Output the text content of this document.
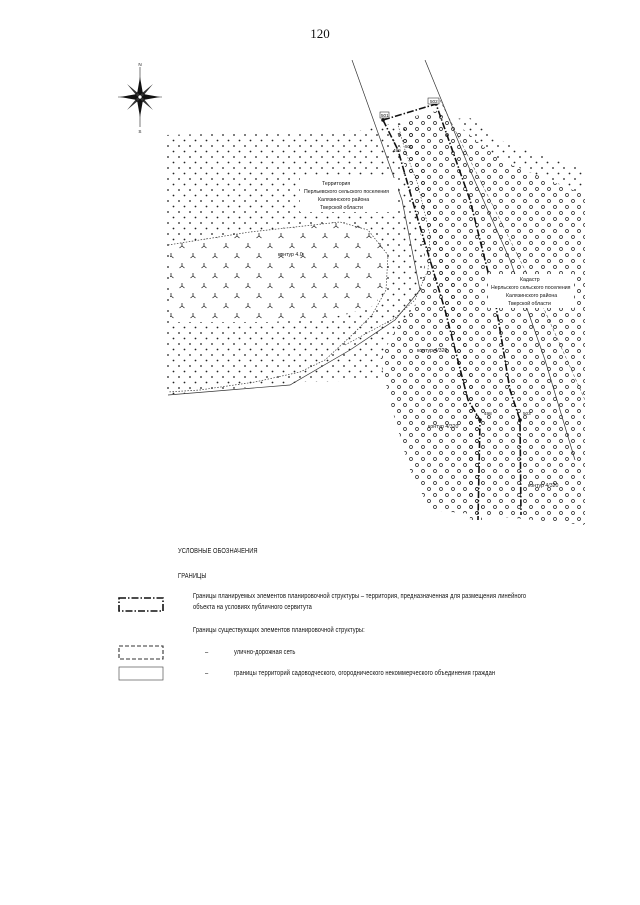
120
N
S
501
502
499
500
498	503
Территория
Перльевского сельского поселения
Калязинского района
Тверской области
Кадастр
Нерльского сельского поселения
Калязинского района
Тверской области
контур 4.0
контур 4/320
контур 4/320
контур 4/320
УСЛОВНЫЕ ОБОЗНАЧЕНИЯ
ГРАНИЦЫ
Границы планируемых элементов планировочной структуры – территория, предназначенная для размещения линейного
объекта на условиях публичного сервитута
Границы существующих элементов планировочной структуры:
–	улично-дорожная сеть
–	границы территорий садоводческого, огороднического некоммерческого объединения граждан
